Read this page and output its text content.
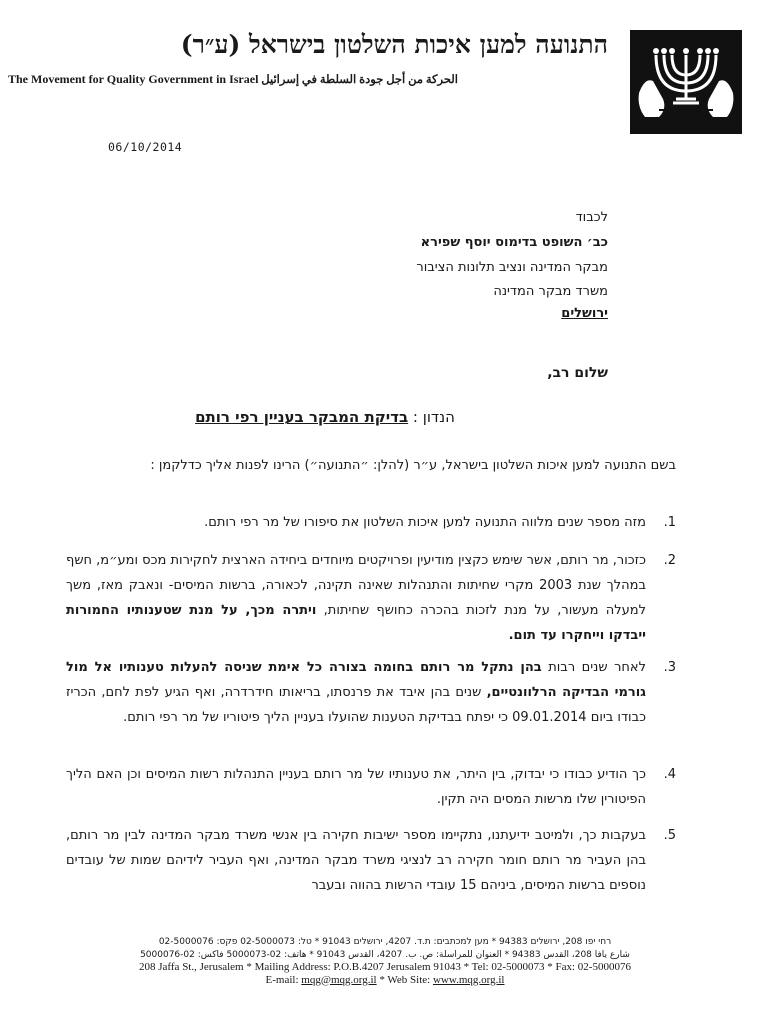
התנועה למען איכות השלטון בישראל (ע״ר)
The Movement for Quality Government in Israel الحركة من أجل جودة السلطة في إسرائيل
06/10/2014
לכבוד
כב׳ השופט בדימוס יוסף שפירא
מבקר המדינה ונציב תלונות הציבור
משרד מבקר המדינה
ירושלים
שלום רב,
הנדון : בדיקת המבקר בעניין רפי רותם
בשם התנועה למען איכות השלטון בישראל, ע״ר (להלן: ״התנועה״) הרינו לפנות אליך כדלקמן :
1.
מזה מספר שנים מלווה התנועה למען איכות השלטון את סיפורו של מר רפי רותם.
2.
כזכור, מר רותם, אשר שימש כקצין מודיעין ופרויקטים מיוחדים ביחידה הארצית לחקירות מכס ומע״מ, חשף במהלך שנת 2003 מקרי שחיתות והתנהלות שאינה תקינה, לכאורה, ברשות המיסים- ונאבק מאז, משך למעלה מעשור, על מנת לזכות בהכרה כחושף שחיתות, ויתרה מכך, על מנת שטענותיו החמורות ייבדקו וייחקרו עד תום.
3.
לאחר שנים רבות בהן נתקל מר רותם בחומה בצורה כל אימת שניסה להעלות טענותיו אל מול גורמי הבדיקה הרלוונטיים, שנים בהן איבד את פרנסתו, בריאותו חידרדרה, ואף הגיע לפת לחם, הכריז כבודו ביום 09.01.2014 כי יפתח בבדיקת הטענות שהועלו בעניין הליך פיטוריו של מר רפי רותם.
4.
כך הודיע כבודו כי יבדוק, בין היתר, את טענותיו של מר רותם בעניין התנהלות רשות המיסים וכן האם הליך הפיטורין שלו מרשות המסים היה תקין.
5.
בעקבות כך, ולמיטב ידיעתנו, נתקיימו מספר ישיבות חקירה בין אנשי משרד מבקר המדינה לבין מר רותם, בהן העביר מר רותם חומר חקירה רב לנציגי משרד מבקר המדינה, ואף העביר לידיהם שמות של עובדים נוספים ברשות המיסים, ביניהם 15 עובדי הרשות בהווה ובעבר
רחי יפו 208, ירושלים 94383 * מען למכתבים: ת.ד. 4207, ירושלים 91043 * טל: 02-5000073 פקס: 02-5000076
شارع يافا 208، القدس 94383 * العنوان للمراسلة: ص. ب. 4207، القدس 91043 * هاتف: 02-5000073 فاكس: 02-5000076
208 Jaffa St., Jerusalem * Mailing Address: P.O.B.4207 Jerusalem 91043 * Tel: 02-5000073 * Fax: 02-5000076
E-mail: mqg@mqg.org.il * Web Site: www.mqg.org.il
